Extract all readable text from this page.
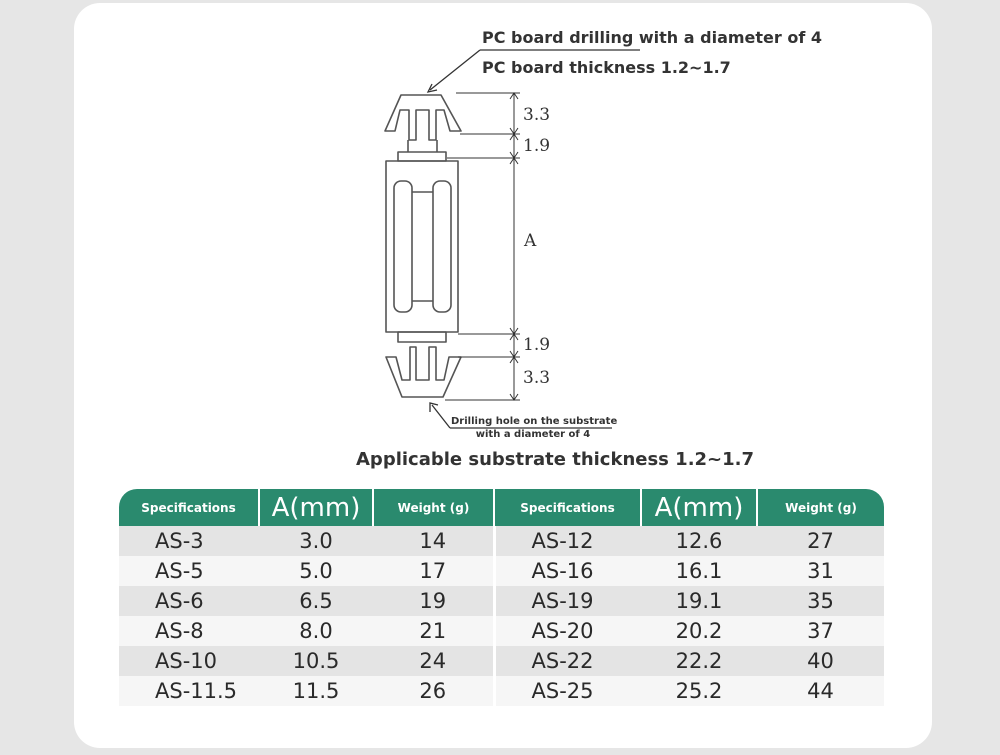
PC board drilling with a diameter of 4
PC board thickness 1.2~1.7
Drilling hole on the substrate
with a diameter of 4
3.3
1.9
A
1.9
3.3
Applicable substrate thickness 1.2~1.7
Specifications	A(mm)	Weight (g)	Specifications	A(mm)	Weight (g)
AS-3	3.0	14	AS-12	12.6	27
AS-5	5.0	17	AS-16	16.1	31
AS-6	6.5	19	AS-19	19.1	35
AS-8	8.0	21	AS-20	20.2	37
AS-10	10.5	24	AS-22	22.2	40
AS-11.5	11.5	26	AS-25	25.2	44
